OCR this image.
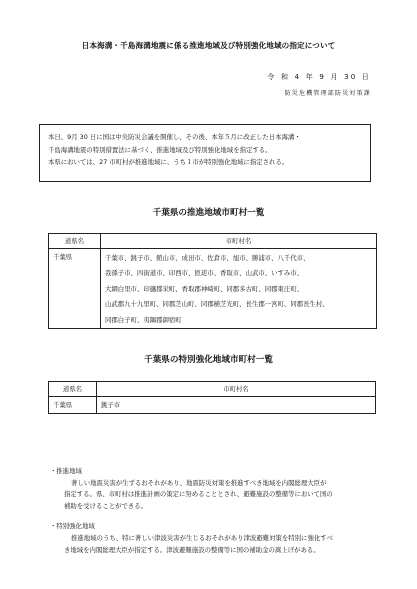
日本海溝・千島海溝地震に係る推進地域及び特別強化地域の指定について
令 和 4 年 9 月 30 日
防災危機管理部防災対策課

本日、9月 30 日に国は中央防災会議を開催し、その後、本年５月に改正した日本海溝・

千島海溝地震の特別措置法に基づく、推進地域及び特別強化地域を指定する。

本県においては、27 市町村が推進地域に、うち１市が特別強化地域に指定される。

千葉県の推進地域市町村一覧
道県名	市町村名
千葉県	千葉市、銚子市、館山市、成田市、佐倉市、旭市、勝浦市、八千代市、
我孫子市、四街道市、印西市、匝瑳市、香取市、山武市、いすみ市、
大網白里市、印旛郡栄町、香取郡神崎町、同郡多古町、同郡東庄町、
山武郡九十九里町、同郡芝山町、同郡横芝光町、長生郡一宮町、同郡長生村、
同郡白子町、夷隅郡御宿町
千葉県の特別強化地域市町村一覧
道県名	市町村名
千葉県	銚子市

・推進地域

著しい地震災害が生ずるおそれがあり、地震防災対策を推進すべき地域を内閣総理大臣が

指定する。県、市町村は推進計画の策定に努めることとされ、避難施設の整備等において国の

補助を受けることができる。

・特別強化地域

推進地域のうち、特に著しい津波災害が生じるおそれがあり津波避難対策を特別に強化すべ

き地域を内閣総理大臣が指定する。津波避難施設の整備等に国の補助金の嵩上げがある。
